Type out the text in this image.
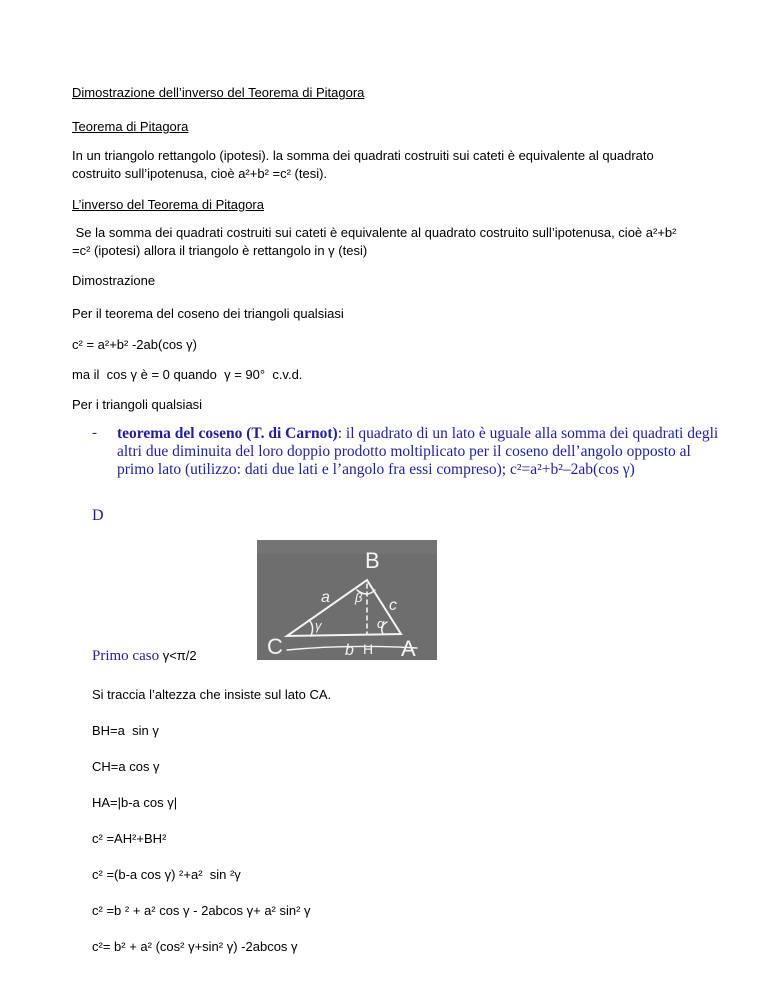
Dimostrazione dell’inverso del Teorema di Pitagora
Teorema di Pitagora
In un triangolo rettangolo (ipotesi). la somma dei quadrati costruiti sui cateti è equivalente al quadrato
costruito sull’ipotenusa, cioè a²+b² =c² (tesi).
L’inverso del Teorema di Pitagora
Se la somma dei quadrati costruiti sui cateti è equivalente al quadrato costruito sull’ipotenusa, cioè a²+b²
=c² (ipotesi) allora il triangolo è rettangolo in γ (tesi)
Dimostrazione
Per il teorema del coseno dei triangoli qualsiasi
c² = a²+b² -2ab(cos γ)
ma il  cos γ è = 0 quando  γ = 90°  c.v.d.
Per i triangoli qualsiasi
- teorema del coseno (T. di Carnot): il quadrato di un lato è uguale alla somma dei quadrati degli altri due diminuita del loro doppio prodotto moltiplicato per il coseno dell’angolo opposto al primo lato (utilizzo: dati due lati e l’angolo fra essi compreso); c²=a²+b²–2ab(cos γ)
D
B
C	A
H
a
b
c
β
γ	α
Primo caso γ<π/2
Si traccia l’altezza che insiste sul lato CA.
BH=a  sin γ
CH=a cos γ
HA=|b-a cos γ|
c² =AH²+BH²
c² =(b-a cos γ) ²+a²  sin ²γ
c² =b ² + a² cos γ - 2abcos γ+ a² sin² γ
c²= b² + a² (cos² γ+sin² γ) -2abcos γ
